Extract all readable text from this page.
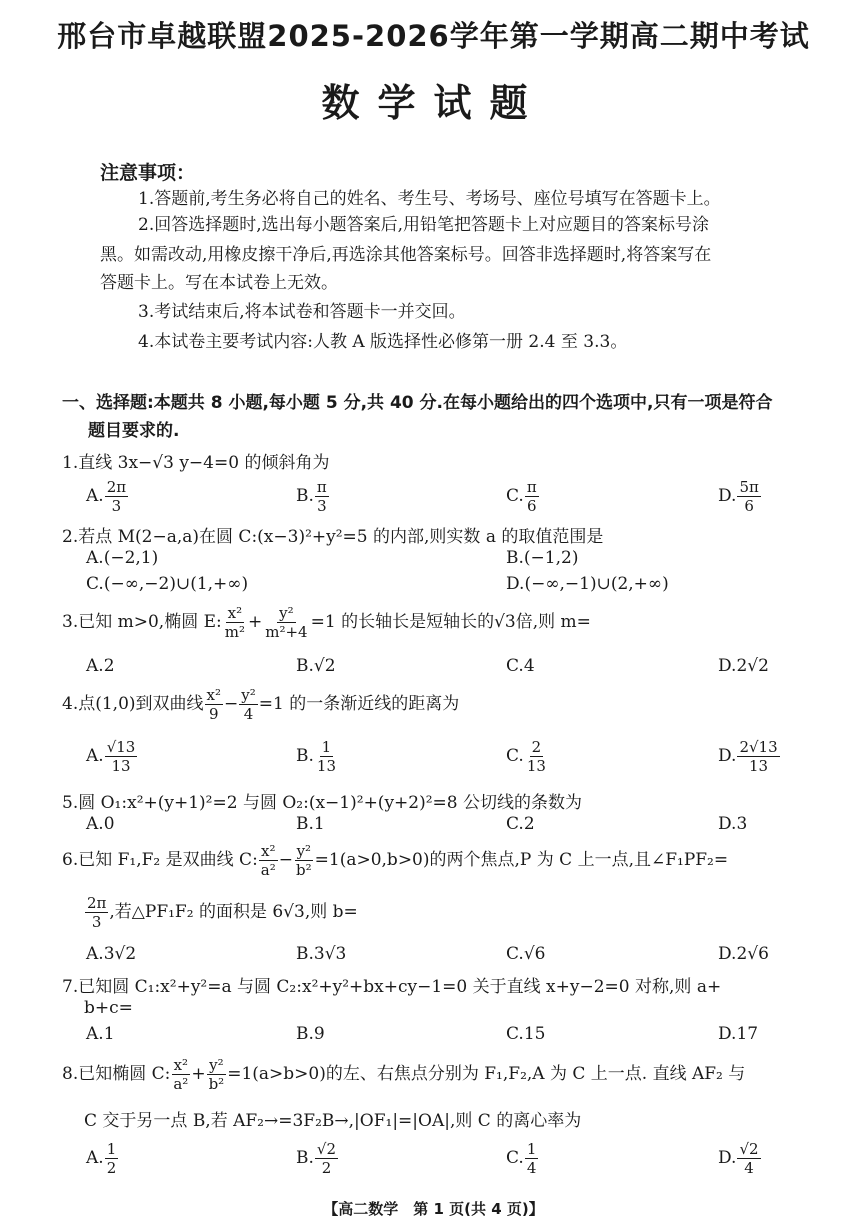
邢台市卓越联盟2025-2026学年第一学期高二期中考试
数学试题
注意事项：
1.答题前,考生务必将自己的姓名、考生号、考场号、座位号填写在答题卡上。
2.回答选择题时,选出每小题答案后,用铅笔把答题卡上对应题目的答案标号涂
黑。如需改动,用橡皮擦干净后,再选涂其他答案标号。回答非选择题时,将答案写在
答题卡上。写在本试卷上无效。
3.考试结束后,将本试卷和答题卡一并交回。
4.本试卷主要考试内容:人教 A 版选择性必修第一册 2.4 至 3.3。
一、选择题:本题共 8 小题,每小题 5 分,共 40 分.在每小题给出的四个选项中,只有一项是符合
题目要求的.
1.直线 3x−√3 y−4=0 的倾斜角为
A. $\frac{2\pi}{3}$	B. $\frac{\pi}{3}$	C. $\frac{\pi}{6}$	D. $\frac{5\pi}{6}$
2.若点 M(2−a,a)在圆 C:(x−3)²+y²=5 的内部,则实数 a 的取值范围是
A.(−2,1)	B.(−1,2)
C.(−∞,−2)∪(1,+∞)	D.(−∞,−1)∪(2,+∞)
3.已知 m>0,椭圆 E: $\frac{\text{x²}}{\text{m²}} + \frac{\text{y²}}{\text{m²+4}} =1$ 的长轴长是短轴长的√3倍,则 m=
A.2	B.√2	C.4	D.2√2
4.点(1,0)到双曲线 $\frac{\text{x²}}{9} - \frac{\text{y²}}{4} =1$ 的一条渐近线的距离为
A. $\frac{√13}{13}$	B. $\frac{1}{13}$	C. $\frac{2}{13}$	D. $\frac{2√13}{13}$
5.圆 O₁:x²+(y+1)²=2 与圆 O₂:(x−1)²+(y+2)²=8 公切线的条数为
A.0	B.1	C.2	D.3
6.已知 F₁,F₂ 是双曲线 C: $\frac{\text{x²}}{\text{a²}} - \frac{\text{y²}}{\text{b²}} =1(a>0,b>0)$的两个焦点,P 为 C 上一点,且∠F₁PF₂=
$\frac{2\pi}{3}$ ,若△PF₁F₂ 的面积是 6√3,则 b=
A.3√2	B.3√3	C.√6	D.2√6
7.已知圆 C₁:x²+y²=a 与圆 C₂:x²+y²+bx+cy−1=0 关于直线 x+y−2=0 对称,则 a+
b+c=
A.1	B.9	C.15	D.17
8.已知椭圆 C: $\frac{\text{x²}}{\text{a²}} + \frac{\text{y²}}{\text{b²}} =1(a>b>0)$的左、右焦点分别为 F₁,F₂,A 为 C 上一点. 直线 AF₂ 与
C 交于另一点 B,若 AF₂→=3F₂B→,|OF₁|=|OA|,则 C 的离心率为
A. $\frac{1}{2}$	B. $\frac{√2}{2}$	C. $\frac{1}{4}$	D. $\frac{√2}{4}$
【高二数学　第 1 页(共 4 页)】
